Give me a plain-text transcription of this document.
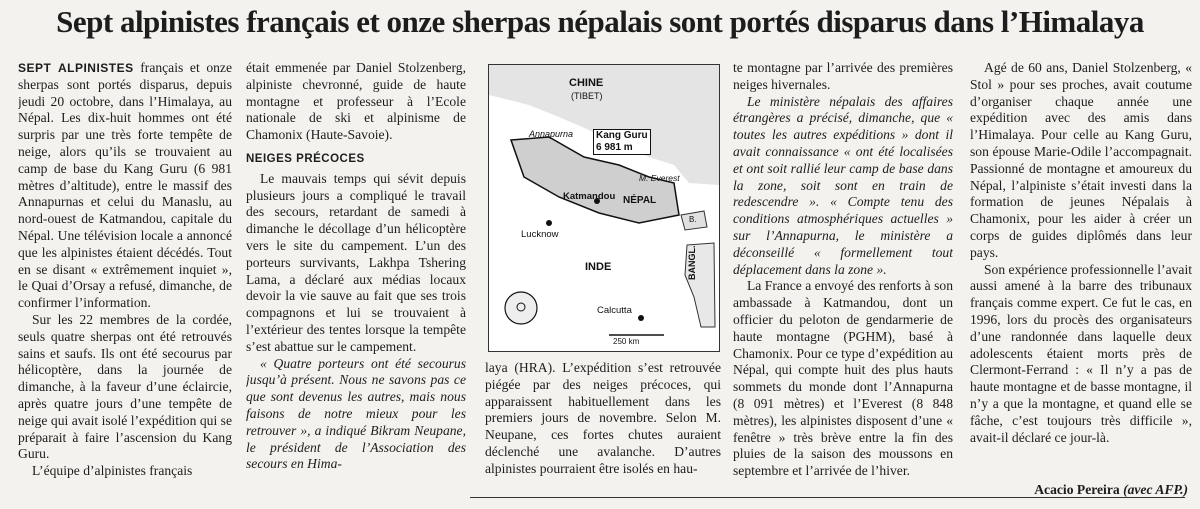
Sept alpinistes français et onze sherpas népalais sont portés disparus dans l’Himalaya

SEPT ALPINISTES français et onze sherpas sont portés disparus, depuis jeudi 20 octobre, dans l’Himalaya, au Népal. Les dix-huit hommes ont été surpris par une très forte tempête de neige, alors qu’ils se trouvaient au camp de base du Kang Guru (6 981 mètres d’altitude), entre le massif des Annapurnas et celui du Manaslu, au nord-ouest de Katmandou, capitale du Népal. Une télévision locale a annoncé que les alpinistes étaient décédés. Tout en se disant « extrêmement inquiet », le Quai d’Orsay a refusé, dimanche, de confirmer l’information.

Sur les 22 membres de la cordée, seuls quatre sherpas ont été retrouvés sains et saufs. Ils ont été secourus par hélicoptère, dans la journée de dimanche, à la faveur d’une éclaircie, après quatre jours d’une tempête de neige qui avait isolé l’expédition qui se préparait à faire l’ascension du Kang Guru.

L’équipe d’alpinistes français

était emmenée par Daniel Stolzenberg, alpiniste chevronné, guide de haute montagne et professeur à l’Ecole nationale de ski et alpinisme de Chamonix (Haute-Savoie).

NEIGES PRÉCOCES

Le mauvais temps qui sévit depuis plusieurs jours a compliqué le travail des secours, retardant de samedi à dimanche le décollage d’un hélicoptère vers le site du campement. L’un des porteurs survivants, Lakhpa Tshering Lama, a déclaré aux médias locaux devoir la vie sauve au fait que ses trois compagnons et lui se trouvaient à l’extérieur des tentes lorsque la tempête s’est abattue sur le campement.

« Quatre porteurs ont été secourus jusqu’à présent. Nous ne savons pas ce que sont devenus les autres, mais nous faisons de notre mieux pour les retrouver », a indiqué Bikram Neupane, le président de l’Association des secours en Hima-

CHINE
(TIBET)
Annapurna	Kang Guru
6 981 m
M. Everest
Katmandou NÉPAL
B.
Lucknow
INDE	BANGL.
Calcutta
250 km

laya (HRA). L’expédition s’est retrouvée piégée par des neiges précoces, qui apparaissent habituellement dans les premiers jours de novembre. Selon M. Neupane, ces fortes chutes auraient déclenché une avalanche. D’autres alpinistes pourraient être isolés en hau-

te montagne par l’arrivée des premières neiges hivernales.

Le ministère népalais des affaires étrangères a précisé, dimanche, que « toutes les autres expéditions » dont il avait connaissance « ont été localisées et ont soit rallié leur camp de base dans la zone, soit sont en train de redescendre ». « Compte tenu des conditions atmosphériques actuelles » sur l’Annapurna, le ministère a déconseillé « formellement tout déplacement dans la zone ».

La France a envoyé des renforts à son ambassade à Katmandou, dont un officier du peloton de gendarmerie de haute montagne (PGHM), basé à Chamonix. Pour ce type d’expédition au Népal, qui compte huit des plus hauts sommets du monde dont l’Annapurna (8 091 mètres) et l’Everest (8 848 mètres), les alpinistes disposent d’une « fenêtre » très brève entre la fin des pluies de la saison des moussons en septembre et l’arrivée de l’hiver.

Agé de 60 ans, Daniel Stolzenberg, « Stol » pour ses proches, avait coutume d’organiser chaque année une expédition avec des amis dans l’Himalaya. Pour celle au Kang Guru, son épouse Marie-Odile l’accompagnait. Passionné de montagne et amoureux du Népal, l’alpiniste s’était investi dans la formation de jeunes Népalais à Chamonix, pour les aider à créer un corps de guides diplômés dans leur pays.

Son expérience professionnelle l’avait aussi amené à la barre des tribunaux français comme expert. Ce fut le cas, en 1996, lors du procès des organisateurs d’une randonnée dans laquelle deux adolescents étaient morts près de Clermont-Ferrand : « Il n’y a pas de haute montagne et de basse montagne, il n’y a que la montagne, et quand elle se fâche, c’est toujours très difficile », avait-il déclaré ce jour-là.

Acacio Pereira (avec AFP.)
